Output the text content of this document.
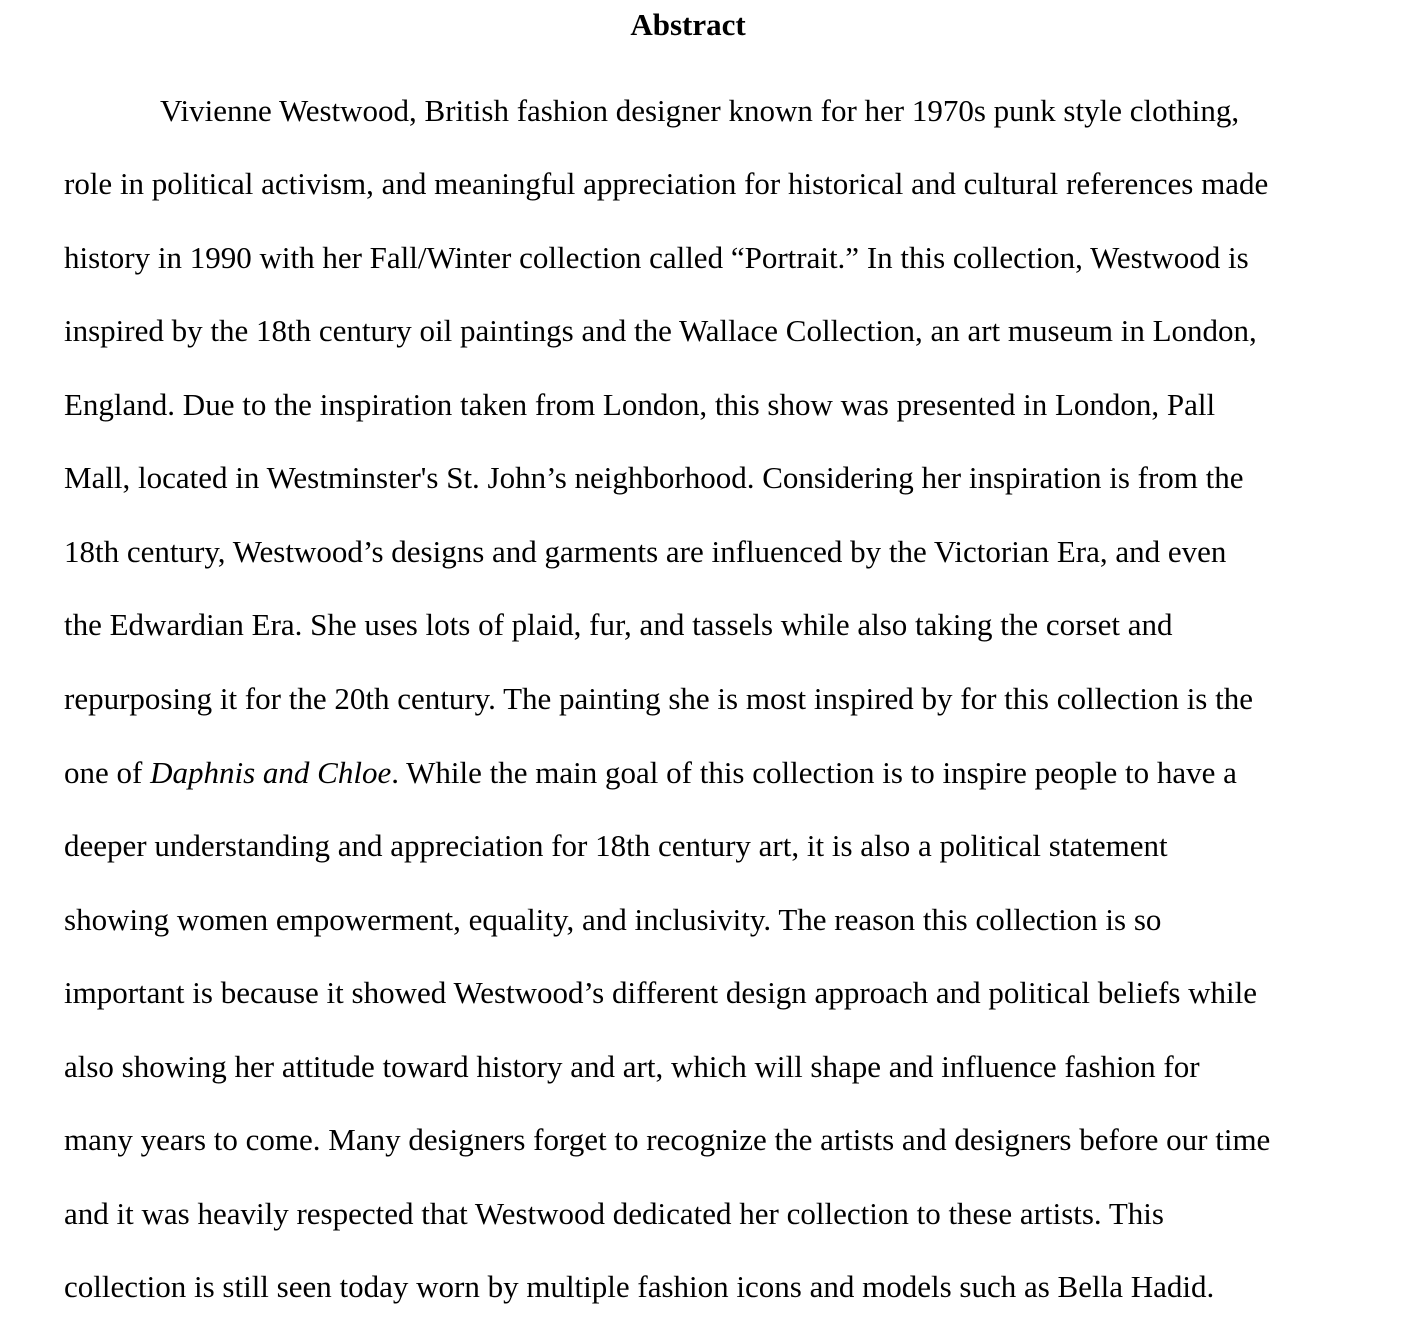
Abstract
Vivienne Westwood, British fashion designer known for her 1970s punk style clothing,
role in political activism, and meaningful appreciation for historical and cultural references made
history in 1990 with her Fall/Winter collection called “Portrait.” In this collection, Westwood is
inspired by the 18th century oil paintings and the Wallace Collection, an art museum in London,
England. Due to the inspiration taken from London, this show was presented in London, Pall
Mall, located in Westminster's St. John’s neighborhood. Considering her inspiration is from the
18th century, Westwood’s designs and garments are influenced by the Victorian Era, and even
the Edwardian Era. She uses lots of plaid, fur, and tassels while also taking the corset and
repurposing it for the 20th century. The painting she is most inspired by for this collection is the
one of Daphnis and Chloe. While the main goal of this collection is to inspire people to have a
deeper understanding and appreciation for 18th century art, it is also a political statement
showing women empowerment, equality, and inclusivity. The reason this collection is so
important is because it showed Westwood’s different design approach and political beliefs while
also showing her attitude toward history and art, which will shape and influence fashion for
many years to come. Many designers forget to recognize the artists and designers before our time
and it was heavily respected that Westwood dedicated her collection to these artists. This
collection is still seen today worn by multiple fashion icons and models such as Bella Hadid.
